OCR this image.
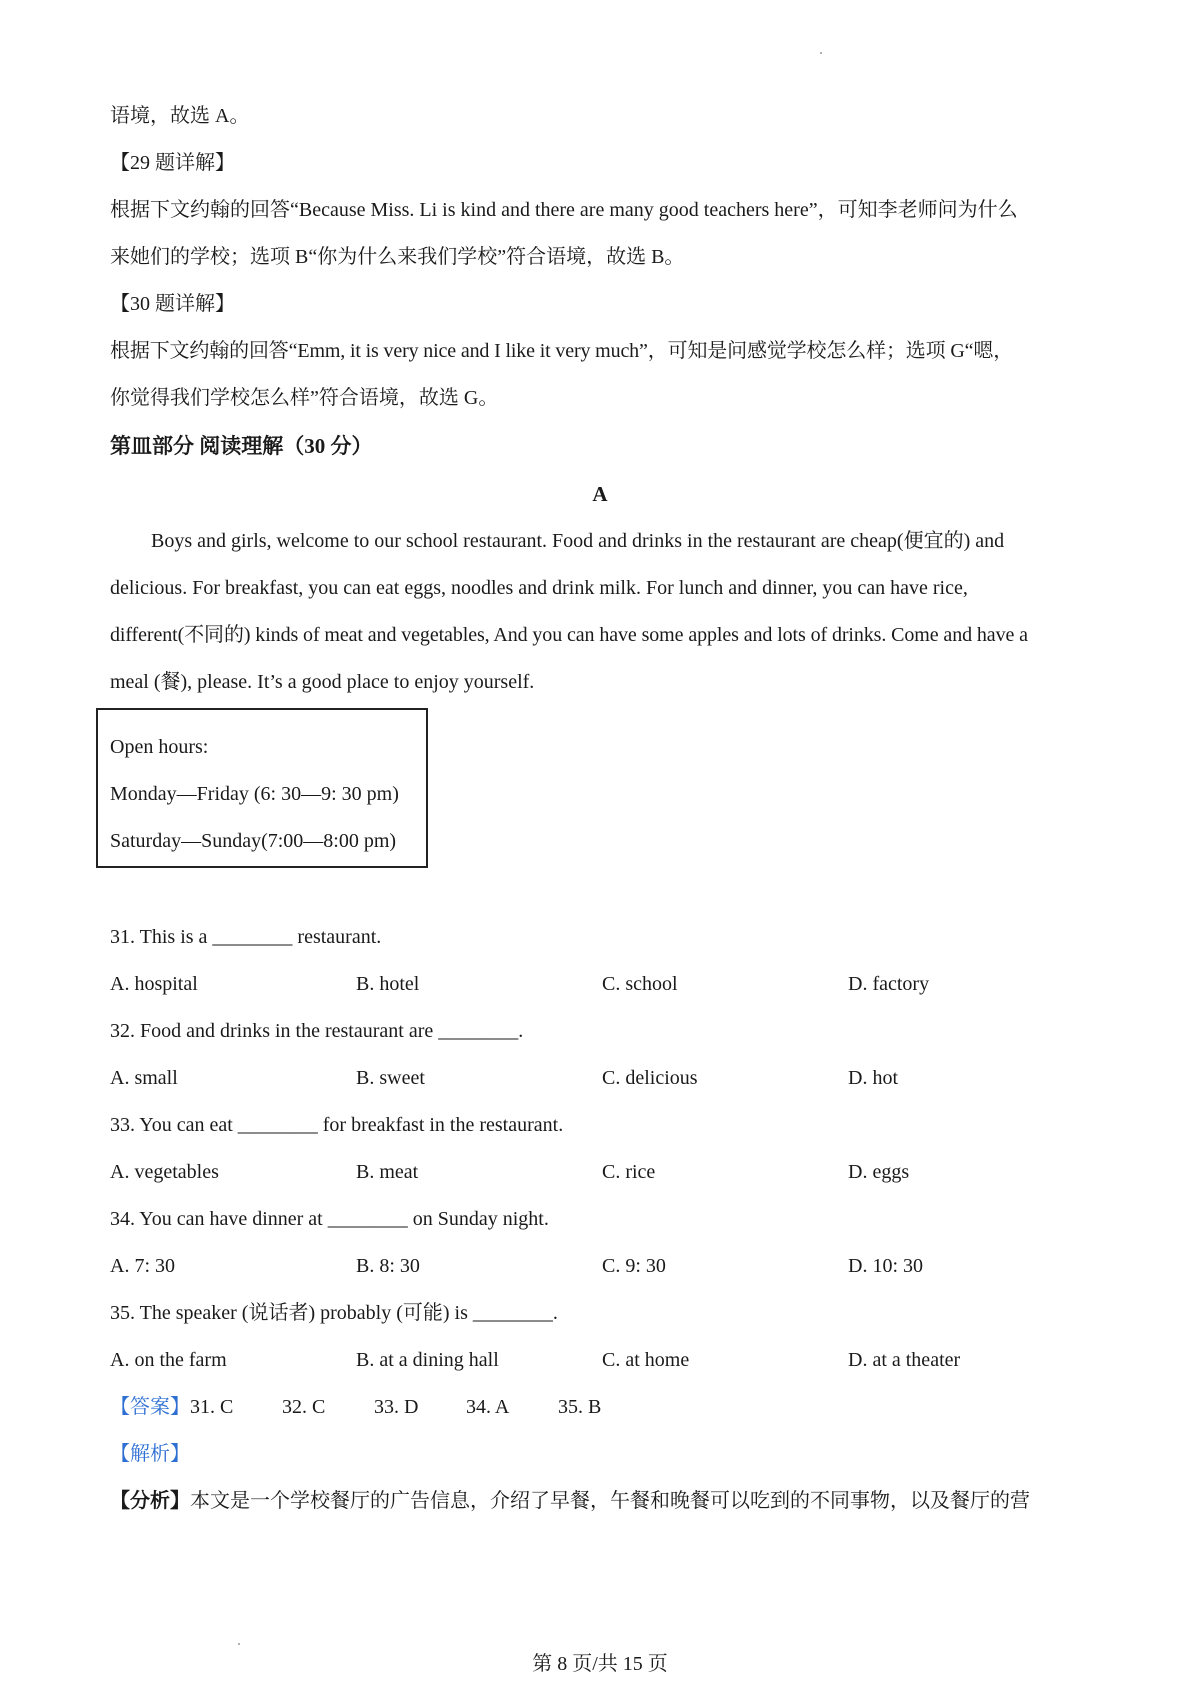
语境，故选 A。
【29 题详解】
根据下文约翰的回答“Because Miss. Li is kind and there are many good teachers here”，可知李老师问为什么
来她们的学校；选项 B“你为什么来我们学校”符合语境，故选 B。
【30 题详解】
根据下文约翰的回答“Emm, it is very nice and I like it very much”，可知是问感觉学校怎么样；选项 G“嗯，
你觉得我们学校怎么样”符合语境，故选 G。
第皿部分 阅读理解（30 分）
A
Boys and girls, welcome to our school restaurant. Food and drinks in the restaurant are cheap(便宜的) and
delicious. For breakfast, you can eat eggs, noodles and drink milk. For lunch and dinner, you can have rice,
different(不同的) kinds of meat and vegetables, And you can have some apples and lots of drinks. Come and have a
meal (餐), please. It’s a good place to enjoy yourself.
Open hours:
Monday—Friday (6: 30—9: 30 pm)
Saturday—Sunday(7:00—8:00 pm)
31. This is a ________ restaurant.
A. hospital	B. hotel	C. school	D. factory
32. Food and drinks in the restaurant are ________.
A. small	B. sweet	C. delicious	D. hot
33. You can eat ________ for breakfast in the restaurant.
A. vegetables	B. meat	C. rice	D. eggs
34. You can have dinner at ________ on Sunday night.
A. 7: 30	B. 8: 30	C. 9: 30	D. 10: 30
35. The speaker (说话者) probably (可能) is ________.
A. on the farm	B. at a dining hall	C. at home	D. at a theater
【答案】31. C 32. C 33. D 34. A 35. B
【解析】
【分析】本文是一个学校餐厅的广告信息，介绍了早餐，午餐和晚餐可以吃到的不同事物，以及餐厅的营
第 8 页/共 15 页
